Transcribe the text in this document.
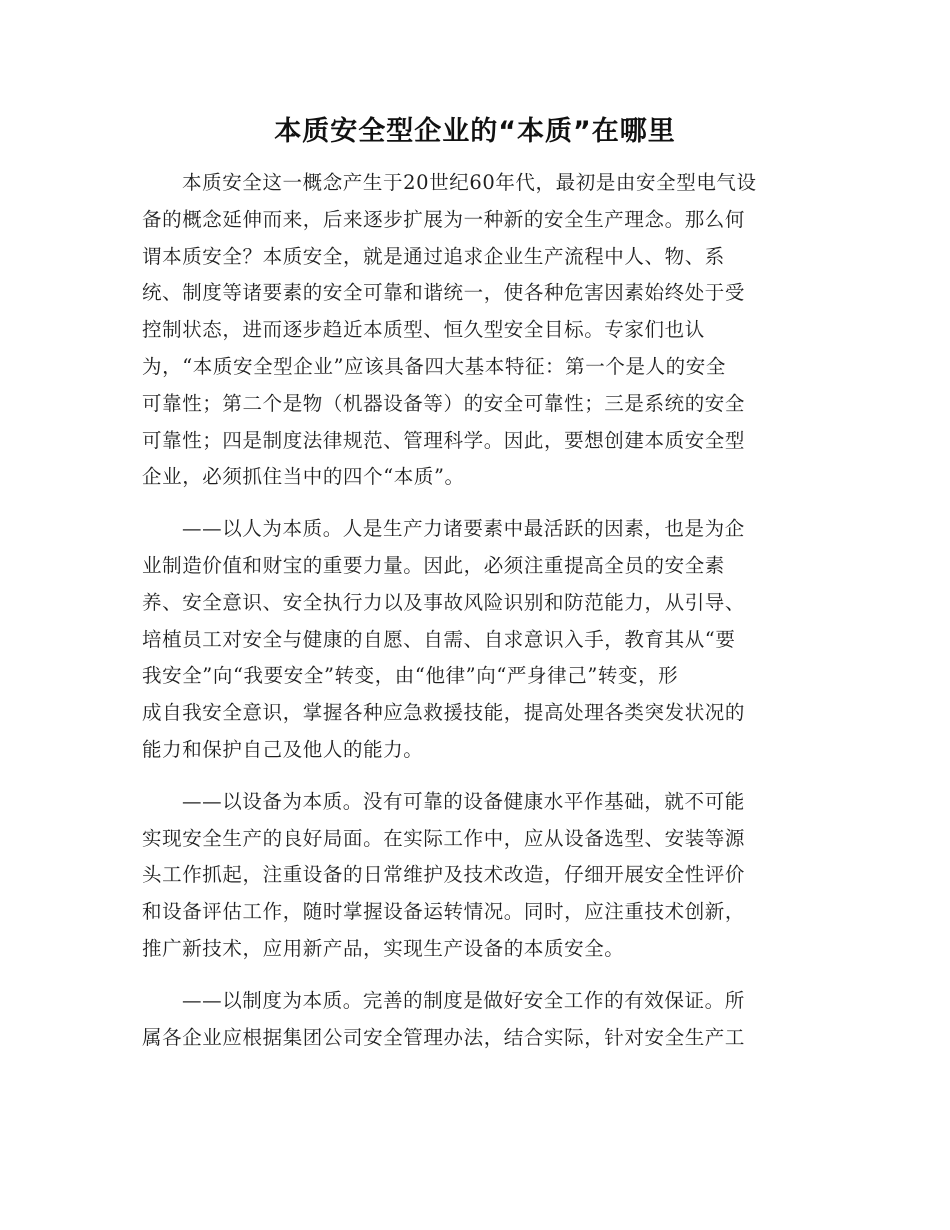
本质安全型企业的“本质”在哪里
本质安全这一概念产生于20世纪60年代，最初是由安全型电气设
备的概念延伸而来，后来逐步扩展为一种新的安全生产理念。那么何
谓本质安全？本质安全，就是通过追求企业生产流程中人、物、系
统、制度等诸要素的安全可靠和谐统一，使各种危害因素始终处于受
控制状态，进而逐步趋近本质型、恒久型安全目标。专家们也认
为，“本质安全型企业”应该具备四大基本特征：第一个是人的安全
可靠性；第二个是物（机器设备等）的安全可靠性；三是系统的安全
可靠性；四是制度法律规范、管理科学。因此，要想创建本质安全型
企业，必须抓住当中的四个“本质”。
——以人为本质。人是生产力诸要素中最活跃的因素，也是为企
业制造价值和财宝的重要力量。因此，必须注重提高全员的安全素
养、安全意识、安全执行力以及事故风险识别和防范能力，从引导、
培植员工对安全与健康的自愿、自需、自求意识入手，教育其从“要
我安全”向“我要安全”转变，由“他律”向“严身律己”转变，形
成自我安全意识，掌握各种应急救援技能，提高处理各类突发状况的
能力和保护自己及他人的能力。
——以设备为本质。没有可靠的设备健康水平作基础，就不可能
实现安全生产的良好局面。在实际工作中，应从设备选型、安装等源
头工作抓起，注重设备的日常维护及技术改造，仔细开展安全性评价
和设备评估工作，随时掌握设备运转情况。同时，应注重技术创新，
推广新技术，应用新产品，实现生产设备的本质安全。
——以制度为本质。完善的制度是做好安全工作的有效保证。所
属各企业应根据集团公司安全管理办法，结合实际，针对安全生产工
